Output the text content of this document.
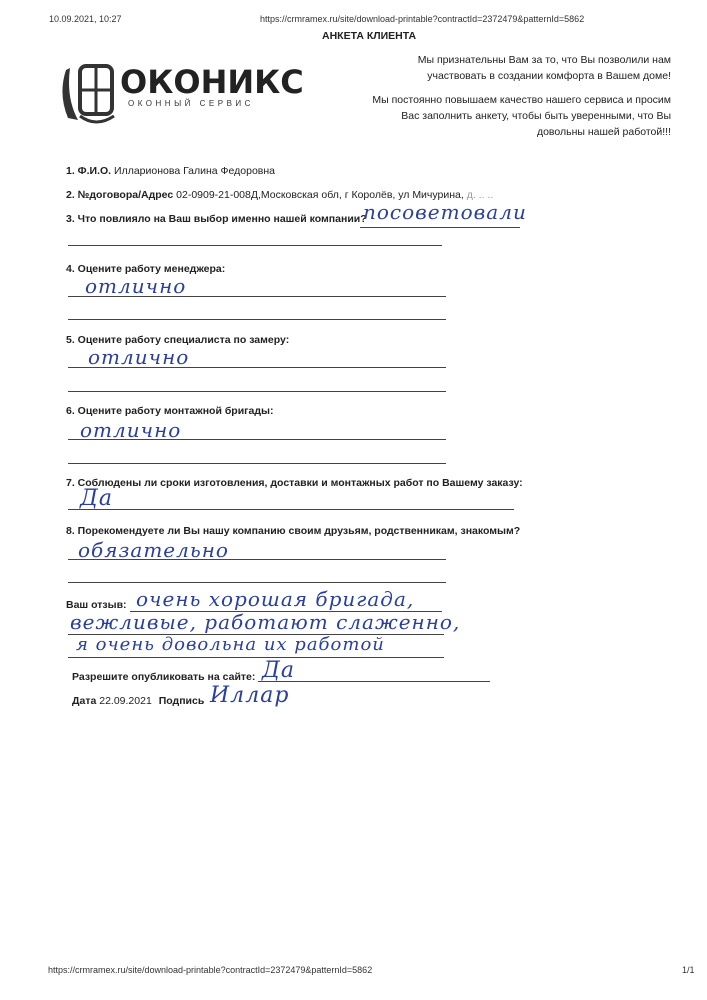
10.09.2021, 10:27	https://crmramex.ru/site/download-printable?contractId=2372479&patternId=5862
АНКЕТА КЛИЕНТА
ОКОНИКС
ОКОННЫЙ СЕРВИС
Мы признательны Вам за то, что Вы позволили нам
участвовать в создании комфорта в Вашем доме!
Мы постоянно повышаем качество нашего сервиса и просим
Вас заполнить анкету, чтобы быть уверенными, что Вы
довольны нашей работой!!!
1. Ф.И.О. Илларионова Галина Федоровна
2. №договора/Адрес 02-0909-21-008Д,Московская обл, г Королёв, ул Мичурина, д. .. ..
3. Что повлияло на Ваш выбор именно нашей компании?
посоветовали
4. Оцените работу менеджера:
отлично
5. Оцените работу специалиста по замеру:
отлично
6. Оцените работу монтажной бригады:
отлично
7. Соблюдены ли сроки изготовления, доставки и монтажных работ по Вашему заказу:
Да
8. Порекомендуете ли Вы нашу компанию своим друзьям, родственникам, знакомым?
обязательно
Ваш отзыв: очень хорошая бригада,
вежливые, работают слаженно,
я очень довольна их работой
Разрешите опубликовать на сайте: Да
Дата 22.09.2021 Подпись Иллар
https://crmramex.ru/site/download-printable?contractId=2372479&patternId=5862	1/1
